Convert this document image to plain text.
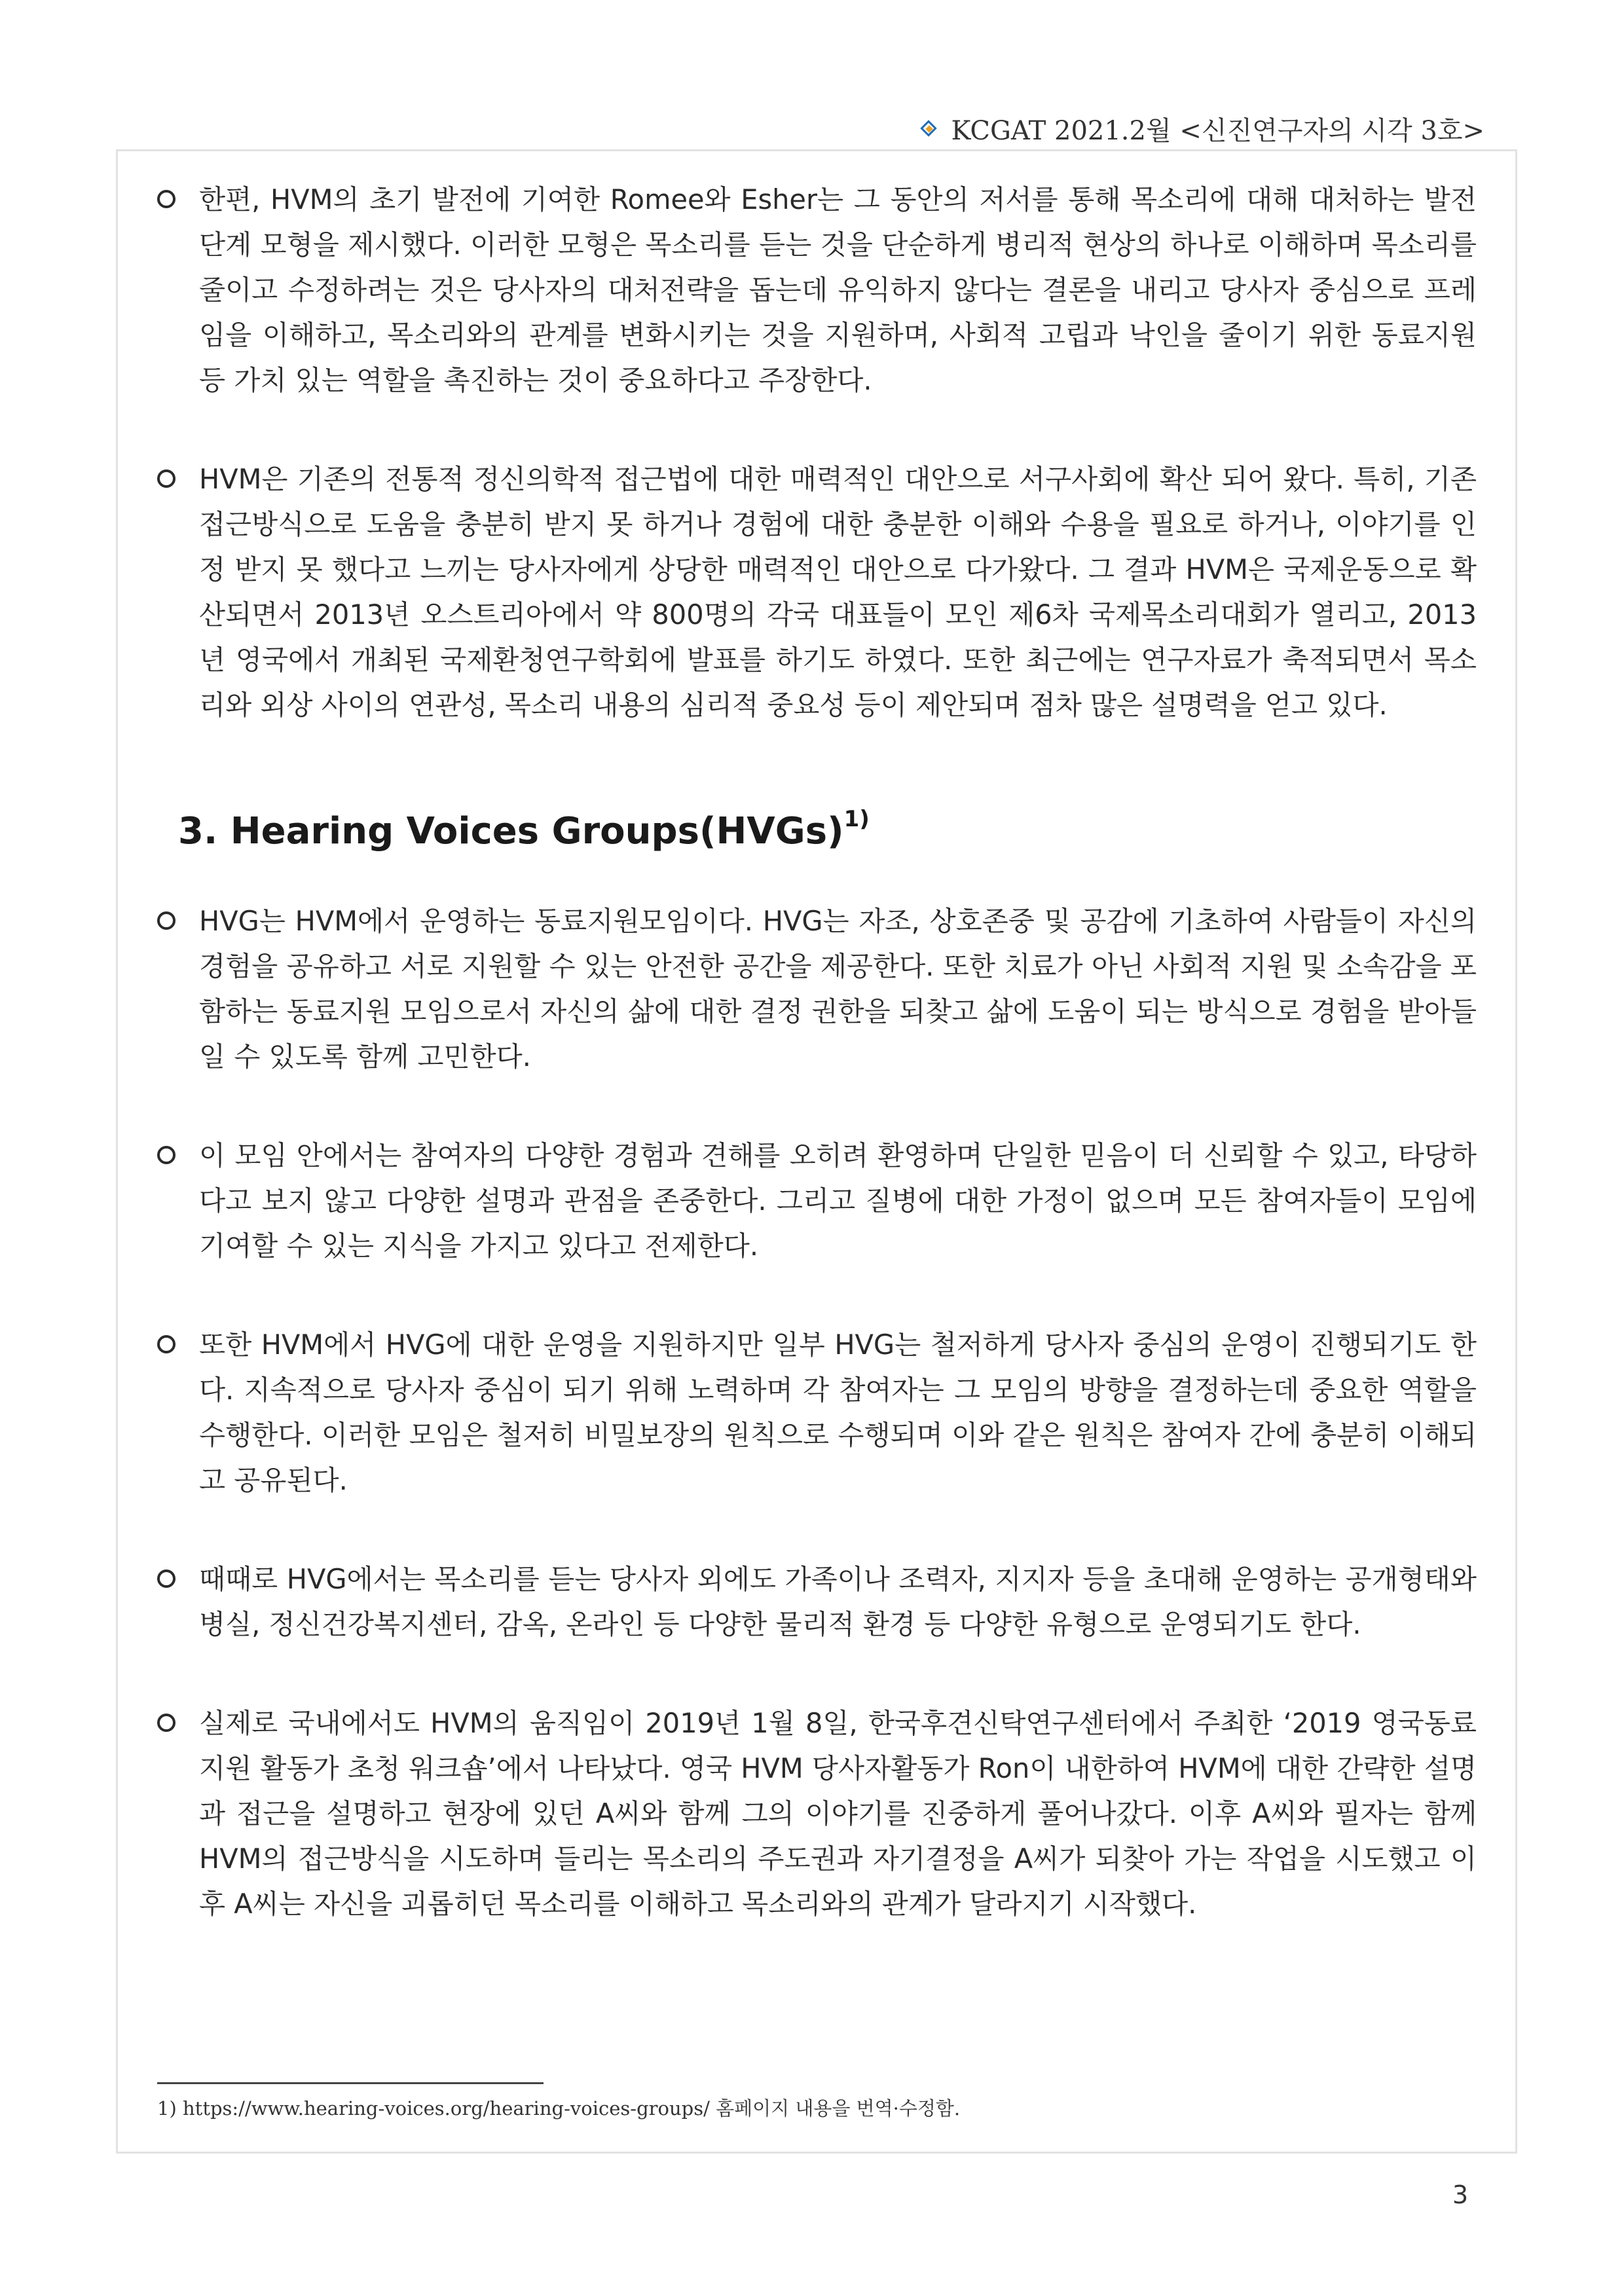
KCGAT 2021.2월 <신진연구자의 시각 3호>

한편, HVM의 초기 발전에 기여한 Romee와 Esher는 그 동안의 저서를 통해 목소리에 대해 대처하는 발전단계 모형을 제시했다. 이러한 모형은 목소리를 듣는 것을 단순하게 병리적 현상의 하나로 이해하며 목소리를 줄이고 수정하려는 것은 당사자의 대처전략을 돕는데 유익하지 않다는 결론을 내리고 당사자 중심으로 프레임을 이해하고, 목소리와의 관계를 변화시키는 것을 지원하며, 사회적 고립과 낙인을 줄이기 위한 동료지원 등 가치 있는 역할을 촉진하는 것이 중요하다고 주장한다.

HVM은 기존의 전통적 정신의학적 접근법에 대한 매력적인 대안으로 서구사회에 확산 되어 왔다. 특히, 기존 접근방식으로 도움을 충분히 받지 못 하거나 경험에 대한 충분한 이해와 수용을 필요로 하거나, 이야기를 인정 받지 못 했다고 느끼는 당사자에게 상당한 매력적인 대안으로 다가왔다. 그 결과 HVM은 국제운동으로 확산되면서 2013년 오스트리아에서 약 800명의 각국 대표들이 모인 제6차 국제목소리대회가 열리고, 2013년 영국에서 개최된 국제환청연구학회에 발표를 하기도 하였다. 또한 최근에는 연구자료가 축적되면서 목소리와 외상 사이의 연관성, 목소리 내용의 심리적 중요성 등이 제안되며 점차 많은 설명력을 얻고 있다.

3. Hearing Voices Groups(HVGs)$^{1)}$

HVG는 HVM에서 운영하는 동료지원모임이다. HVG는 자조, 상호존중 및 공감에 기초하여 사람들이 자신의 경험을 공유하고 서로 지원할 수 있는 안전한 공간을 제공한다. 또한 치료가 아닌 사회적 지원 및 소속감을 포함하는 동료지원 모임으로서 자신의 삶에 대한 결정 권한을 되찾고 삶에 도움이 되는 방식으로 경험을 받아들일 수 있도록 함께 고민한다.

이 모임 안에서는 참여자의 다양한 경험과 견해를 오히려 환영하며 단일한 믿음이 더 신뢰할 수 있고, 타당하다고 보지 않고 다양한 설명과 관점을 존중한다. 그리고 질병에 대한 가정이 없으며 모든 참여자들이 모임에 기여할 수 있는 지식을 가지고 있다고 전제한다.

또한 HVM에서 HVG에 대한 운영을 지원하지만 일부 HVG는 철저하게 당사자 중심의 운영이 진행되기도 한다. 지속적으로 당사자 중심이 되기 위해 노력하며 각 참여자는 그 모임의 방향을 결정하는데 중요한 역할을 수행한다. 이러한 모임은 철저히 비밀보장의 원칙으로 수행되며 이와 같은 원칙은 참여자 간에 충분히 이해되고 공유된다.

때때로 HVG에서는 목소리를 듣는 당사자 외에도 가족이나 조력자, 지지자 등을 초대해 운영하는 공개형태와 병실, 정신건강복지센터, 감옥, 온라인 등 다양한 물리적 환경 등 다양한 유형으로 운영되기도 한다.

실제로 국내에서도 HVM의 움직임이 2019년 1월 8일, 한국후견신탁연구센터에서 주최한 ‘2019 영국동료지원 활동가 초청 워크숍’에서 나타났다. 영국 HVM 당사자활동가 Ron이 내한하여 HVM에 대한 간략한 설명과 접근을 설명하고 현장에 있던 A씨와 함께 그의 이야기를 진중하게 풀어나갔다. 이후 A씨와 필자는 함께 HVM의 접근방식을 시도하며 들리는 목소리의 주도권과 자기결정을 A씨가 되찾아 가는 작업을 시도했고 이후 A씨는 자신을 괴롭히던 목소리를 이해하고 목소리와의 관계가 달라지기 시작했다.

1) https://www.hearing-voices.org/hearing-voices-groups/ 홈페이지 내용을 번역·수정함.
3
